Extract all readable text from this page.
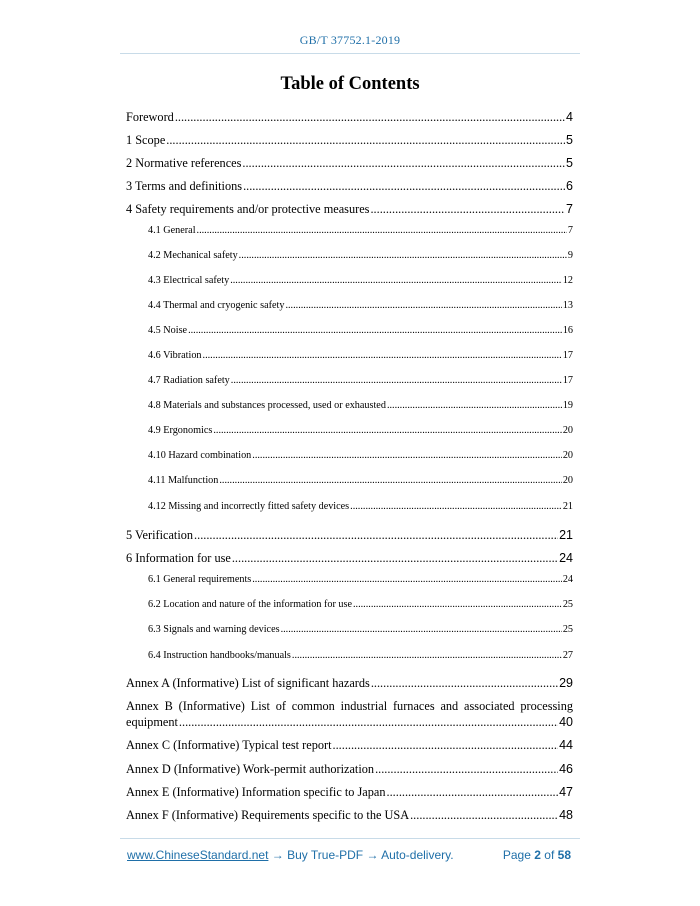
GB/T 37752.1-2019
Table of Contents
Foreword .....	4
1 Scope .....	5
2 Normative references .....	5
3 Terms and definitions .....	6
4 Safety requirements and/or protective measures .....	7
4.1 General .....	7
4.2 Mechanical safety .....	9
4.3 Electrical safety .....	12
4.4 Thermal and cryogenic safety .....	13
4.5 Noise .....	16
4.6 Vibration .....	17
4.7 Radiation safety .....	17
4.8 Materials and substances processed, used or exhausted .....	19
4.9 Ergonomics .....	20
4.10 Hazard combination .....	20
4.11 Malfunction .....	20
4.12 Missing and incorrectly fitted safety devices .....	21
5 Verification .....	21
6 Information for use .....	24
6.1 General requirements .....	24
6.2 Location and nature of the information for use .....	25
6.3 Signals and warning devices .....	25
6.4 Instruction handbooks/manuals .....	27
Annex A (Informative) List of significant hazards .....	29
Annex B (Informative) List of common industrial furnaces and associated processing
equipment .....	40
Annex C (Informative) Typical test report .....	44
Annex D (Informative) Work-permit authorization .....	46
Annex E (Informative) Information specific to Japan .....	47
Annex F (Informative) Requirements specific to the USA .....	48
www.ChineseStandard.net → Buy True-PDF → Auto-delivery.	Page 2 of 58
